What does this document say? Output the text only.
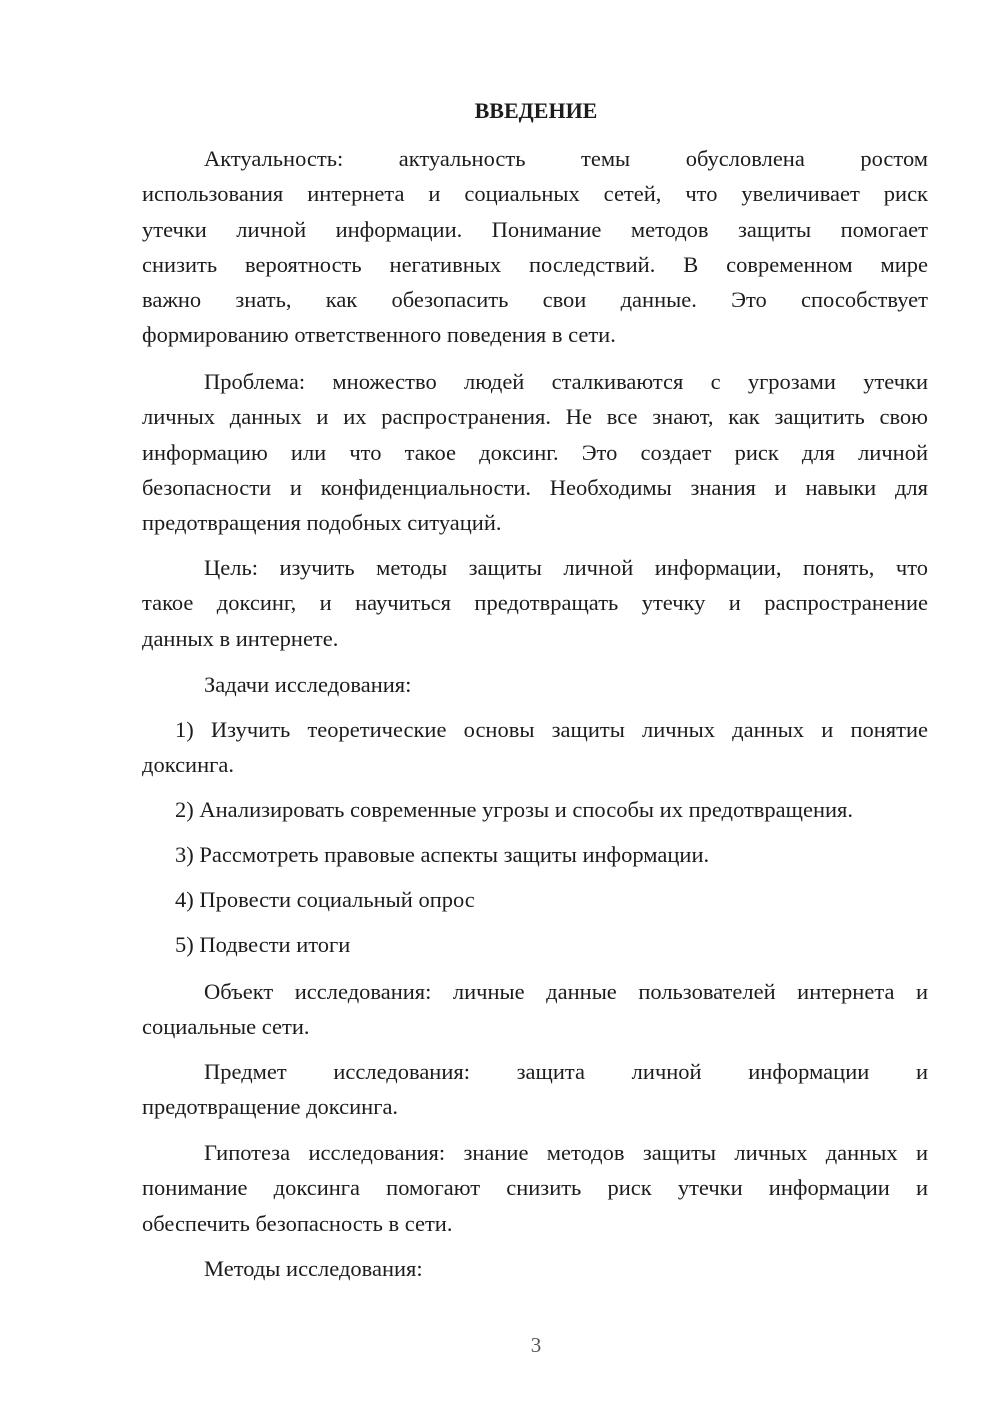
ВВЕДЕНИЕ
Актуальность: актуальность темы обусловлена ростом
использования интернета и социальных сетей, что увеличивает риск
утечки личной информации. Понимание методов защиты помогает
снизить вероятность негативных последствий. В современном мире
важно знать, как обезопасить свои данные. Это способствует
формированию ответственного поведения в сети.
Проблема: множество людей сталкиваются с угрозами утечки
личных данных и их распространения. Не все знают, как защитить свою
информацию или что такое доксинг. Это создает риск для личной
безопасности и конфиденциальности. Необходимы знания и навыки для
предотвращения подобных ситуаций.
Цель: изучить методы защиты личной информации, понять, что
такое доксинг, и научиться предотвращать утечку и распространение
данных в интернете.
Задачи исследования:
1) Изучить теоретические основы защиты личных данных и понятие
доксинга.
2) Анализировать современные угрозы и способы их предотвращения.
3) Рассмотреть правовые аспекты защиты информации.
4) Провести социальный опрос
5) Подвести итоги
Объект исследования: личные данные пользователей интернета и
социальные сети.
Предмет исследования: защита личной информации и
предотвращение доксинга.
Гипотеза исследования: знание методов защиты личных данных и
понимание доксинга помогают снизить риск утечки информации и
обеспечить безопасность в сети.
Методы исследования:
3
